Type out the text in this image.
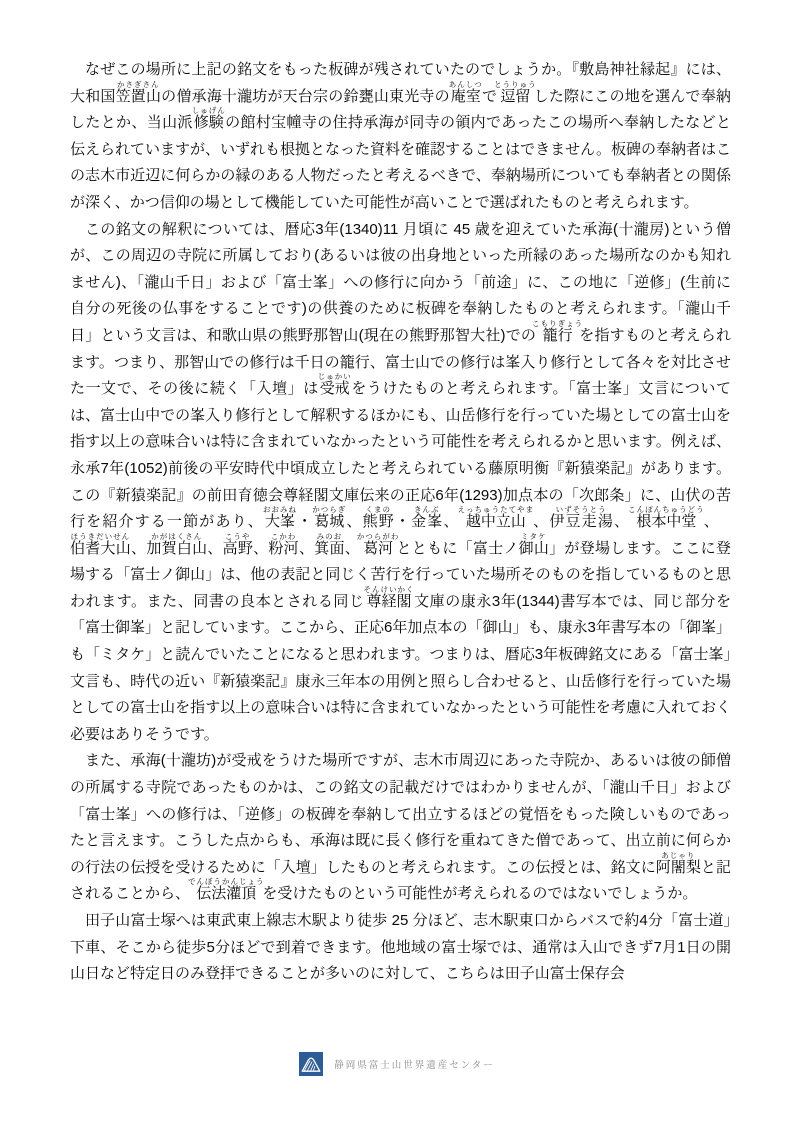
なぜこの場所に上記の銘文をもった板碑が残されていたのでしょうか。『敷島神社縁起』には、大和国笠置山かさぎさんの僧承海十瀧坊が天台宗の鈴甕山東光寺の庵室あんしつで逗留とうりゅうした際にこの地を選んで奉納したとか、当山派修験しゅげんの館村宝幢寺の住持承海が同寺の領内であったこの場所へ奉納したなどと伝えられていますが、いずれも根拠となった資料を確認することはできません。板碑の奉納者はこの志木市近辺に何らかの縁のある人物だったと考えるべきで、奉納場所についても奉納者との関係が深く、かつ信仰の場として機能していた可能性が高いことで選ばれたものと考えられます。

この銘文の解釈については、暦応3年(1340)11 月頃に 45 歳を迎えていた承海(十瀧房)という僧が、この周辺の寺院に所属しており(あるいは彼の出身地といった所縁のあった場所なのかも知れません)、「瀧山千日」および「富士峯」への修行に向かう「前途」に、この地に「逆修」(生前に自分の死後の仏事をすることです)の供養のために板碑を奉納したものと考えられます。「瀧山千日」という文言は、和歌山県の熊野那智山(現在の熊野那智大社)での籠行こもりぎょうを指すものと考えられます。つまり、那智山での修行は千日の籠行、富士山での修行は峯入り修行として各々を対比させた一文で、その後に続く「入壇」は受戒じゅかいをうけたものと考えられます。「富士峯」文言については、富士山中での峯入り修行として解釈するほかにも、山岳修行を行っていた場としての富士山を指す以上の意味合いは特に含まれていなかったという可能性を考えられるかと思います。例えば、永承7年(1052)前後の平安時代中頃成立したと考えられている藤原明衡『新猿楽記』があります。この『新猿楽記』の前田育徳会尊経閣文庫伝来の正応6年(1293)加点本の「次郎条」に、山伏の苦行を紹介する一節があり、大峯おおみね・葛城かつらぎ、熊野くまの・金峯きんぶ、越中立山えっちゅうたてやま、伊豆走湯いずそうとう、根本中堂こんぽんちゅうどう、伯耆大山ほうきだいせん、加賀白山かがはくさん、高野こうや、粉河こかわ、箕面みのお、葛河かつらがわとともに「富士ノ御山ミタケ」が登場します。ここに登場する「富士ノ御山」は、他の表記と同じく苦行を行っていた場所そのものを指しているものと思われます。また、同書の良本とされる同じ尊経閣そんけいかく文庫の康永3年(1344)書写本では、同じ部分を「富士御峯」と記しています。ここから、正応6年加点本の「御山」も、康永3年書写本の「御峯」も「ミタケ」と読んでいたことになると思われます。つまりは、暦応3年板碑銘文にある「富士峯」文言も、時代の近い『新猿楽記』康永三年本の用例と照らし合わせると、山岳修行を行っていた場としての富士山を指す以上の意味合いは特に含まれていなかったという可能性を考慮に入れておく必要はありそうです。

また、承海(十瀧坊)が受戒をうけた場所ですが、志木市周辺にあった寺院か、あるいは彼の師僧の所属する寺院であったものかは、この銘文の記載だけではわかりませんが、「瀧山千日」および「富士峯」への修行は、「逆修」の板碑を奉納して出立するほどの覚悟をもった険しいものであったと言えます。こうした点からも、承海は既に長く修行を重ねてきた僧であって、出立前に何らかの行法の伝授を受けるために「入壇」したものと考えられます。この伝授とは、銘文に阿闍梨あじゃりと記されることから、伝法灌頂でんぼうかんじょうを受けたものという可能性が考えられるのではないでしょうか。

田子山富士塚へは東武東上線志木駅より徒歩 25 分ほど、志木駅東口からバスで約4分「富士道」下車、そこから徒歩5分ほどで到着できます。他地域の富士塚では、通常は入山できず7月1日の開山日など特定日のみ登拝できることが多いのに対して、こちらは田子山富士保存会

静岡県富士山世界遺産センター
